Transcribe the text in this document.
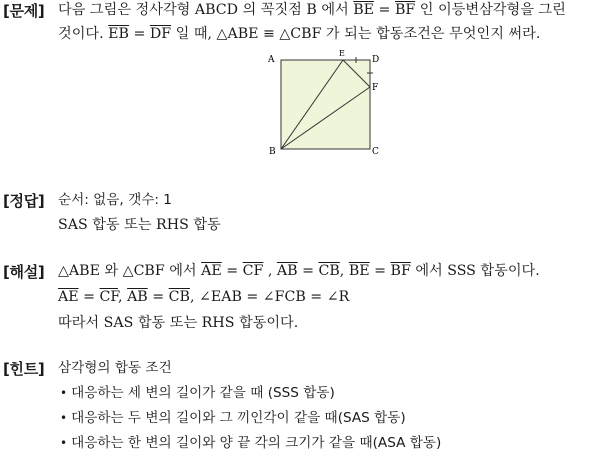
[문제] 다음 그림은 정사각형 ABCD 의 꼭짓점 B 에서 $\overline{BE} = \overline{BF}$ 인 이등변삼각형을 그린
것이다. $\overline{EB} = \overline{DF}$ 일 때, △ABE ≡ △CBF 가 되는 합동조건은 무엇인지 써라.
A
B	C
D
E
F
[정답] 순서: 없음, 갯수: 1
SAS 합동 또는 RHS 합동
[해설] △ABE 와 △CBF 에서 $\overline{AE} = \overline{CF}$ , $\overline{AB} = \overline{CB}$, $\overline{BE} = \overline{BF}$ 에서 SSS 합동이다.
$\overline{AE} = \overline{CF}$, $\overline{AB} = \overline{CB}$, ∠EAB = ∠FCB = ∠R
따라서 SAS 합동 또는 RHS 합동이다.
[힌트] 삼각형의 합동 조건
• 대응하는 세 변의 길이가 같을 때 (SSS 합동)
• 대응하는 두 변의 길이와 그 끼인각이 같을 때(SAS 합동)
• 대응하는 한 변의 길이와 양 끝 각의 크기가 같을 때(ASA 합동)
